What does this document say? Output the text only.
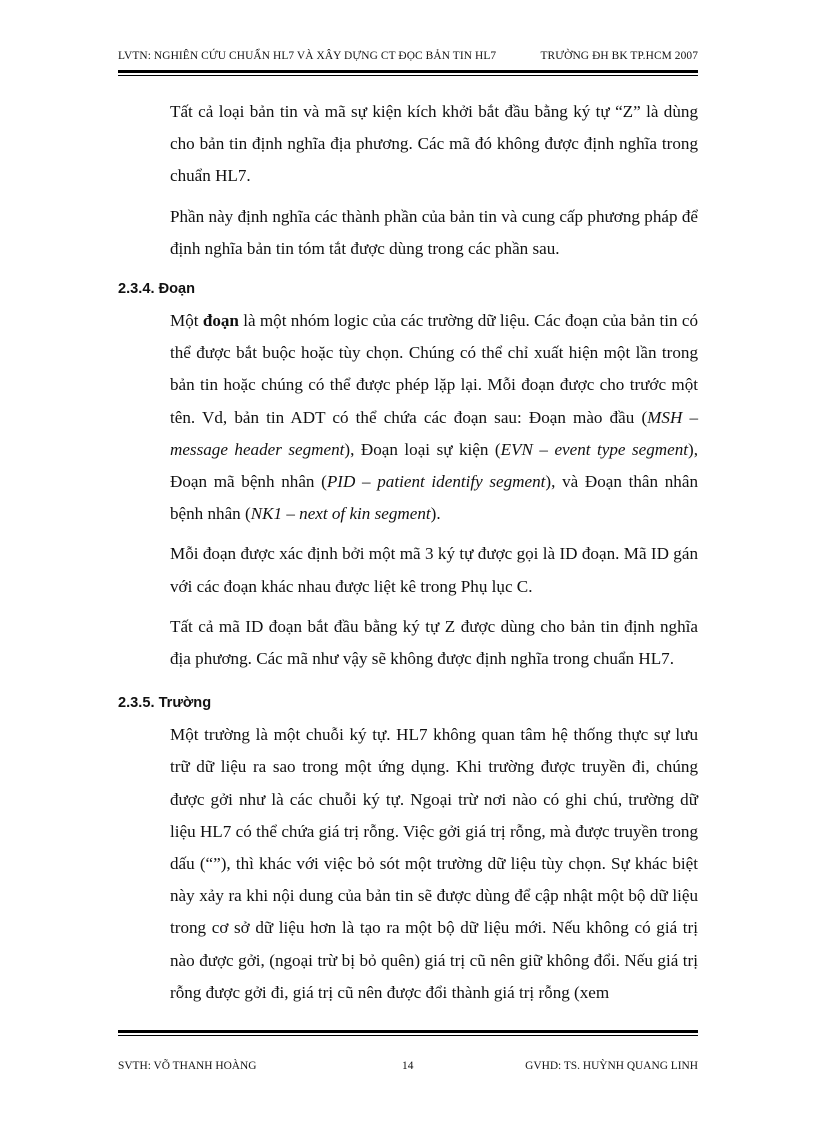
LVTN: NGHIÊN CỨU CHUẨN HL7 VÀ XÂY DỰNG CT ĐỌC BẢN TIN HL7	TRƯỜNG ĐH BK TP.HCM 2007

Tất cả loại bản tin và mã sự kiện kích khởi bắt đầu bằng ký tự “Z” là dùng cho bản tin định nghĩa địa phương. Các mã đó không được định nghĩa trong chuẩn HL7.

Phần này định nghĩa các thành phần của bản tin và cung cấp phương pháp để định nghĩa bản tin tóm tắt được dùng trong các phần sau.

2.3.4. Đoạn

Một đoạn là một nhóm logic của các trường dữ liệu. Các đoạn của bản tin có thể được bắt buộc hoặc tùy chọn. Chúng có thể chỉ xuất hiện một lần trong bản tin hoặc chúng có thể được phép lặp lại. Mỗi đoạn được cho trước một tên. Vd, bản tin ADT có thể chứa các đoạn sau: Đoạn mào đầu (MSH – message header segment), Đoạn loại sự kiện (EVN – event type segment), Đoạn mã bệnh nhân (PID – patient identify segment), và Đoạn thân nhân bệnh nhân (NK1 – next of kin segment).

Mỗi đoạn được xác định bởi một mã 3 ký tự được gọi là ID đoạn. Mã ID gán với các đoạn khác nhau được liệt kê trong Phụ lục C.

Tất cả mã ID đoạn bắt đầu bằng ký tự Z được dùng cho bản tin định nghĩa địa phương. Các mã như vậy sẽ không được định nghĩa trong chuẩn HL7.

2.3.5. Trường

Một trường là một chuỗi ký tự. HL7 không quan tâm hệ thống thực sự lưu trữ dữ liệu ra sao trong một ứng dụng. Khi trường được truyền đi, chúng được gởi như là các chuỗi ký tự. Ngoại trừ nơi nào có ghi chú, trường dữ liệu HL7 có thể chứa giá trị rỗng. Việc gởi giá trị rỗng, mà được truyền trong dấu (“”), thì khác với việc bỏ sót một trường dữ liệu tùy chọn. Sự khác biệt này xảy ra khi nội dung của bản tin sẽ được dùng để cập nhật một bộ dữ liệu trong cơ sở dữ liệu hơn là tạo ra một bộ dữ liệu mới. Nếu không có giá trị nào được gởi, (ngoại trừ bị bỏ quên) giá trị cũ nên giữ không đổi. Nếu giá trị rỗng được gởi đi, giá trị cũ nên được đổi thành giá trị rỗng (xem

SVTH: VÕ THANH HOÀNG	14	GVHD: TS. HUỲNH QUANG LINH
